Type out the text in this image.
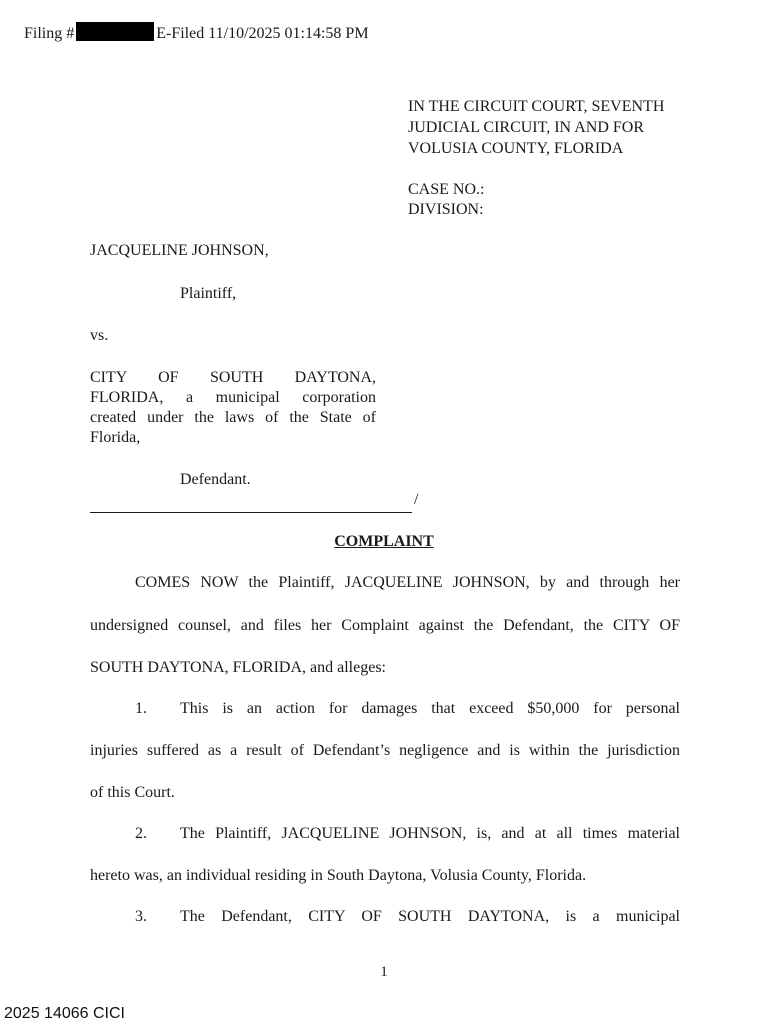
Filing #	E-Filed 11/10/2025 01:14:58 PM
IN THE CIRCUIT COURT, SEVENTH
JUDICIAL CIRCUIT, IN AND FOR
VOLUSIA COUNTY, FLORIDA
CASE NO.:
DIVISION:
JACQUELINE JOHNSON,
Plaintiff,
vs.
CITY OF SOUTH DAYTONA,
FLORIDA, a municipal corporation
created under the laws of the State of
Florida,
Defendant.
/
COMPLAINT
COMES NOW the Plaintiff, JACQUELINE JOHNSON, by and through her
undersigned counsel, and files her Complaint against the Defendant, the CITY OF
SOUTH DAYTONA, FLORIDA, and alleges:
1. This is an action for damages that exceed $50,000 for personal
injuries suffered as a result of Defendant’s negligence and is within the jurisdiction
of this Court.
2. The Plaintiff, JACQUELINE JOHNSON, is, and at all times material
hereto was, an individual residing in South Daytona, Volusia County, Florida.
3. The Defendant, CITY OF SOUTH DAYTONA, is a municipal
1
2025 14066 CICI
